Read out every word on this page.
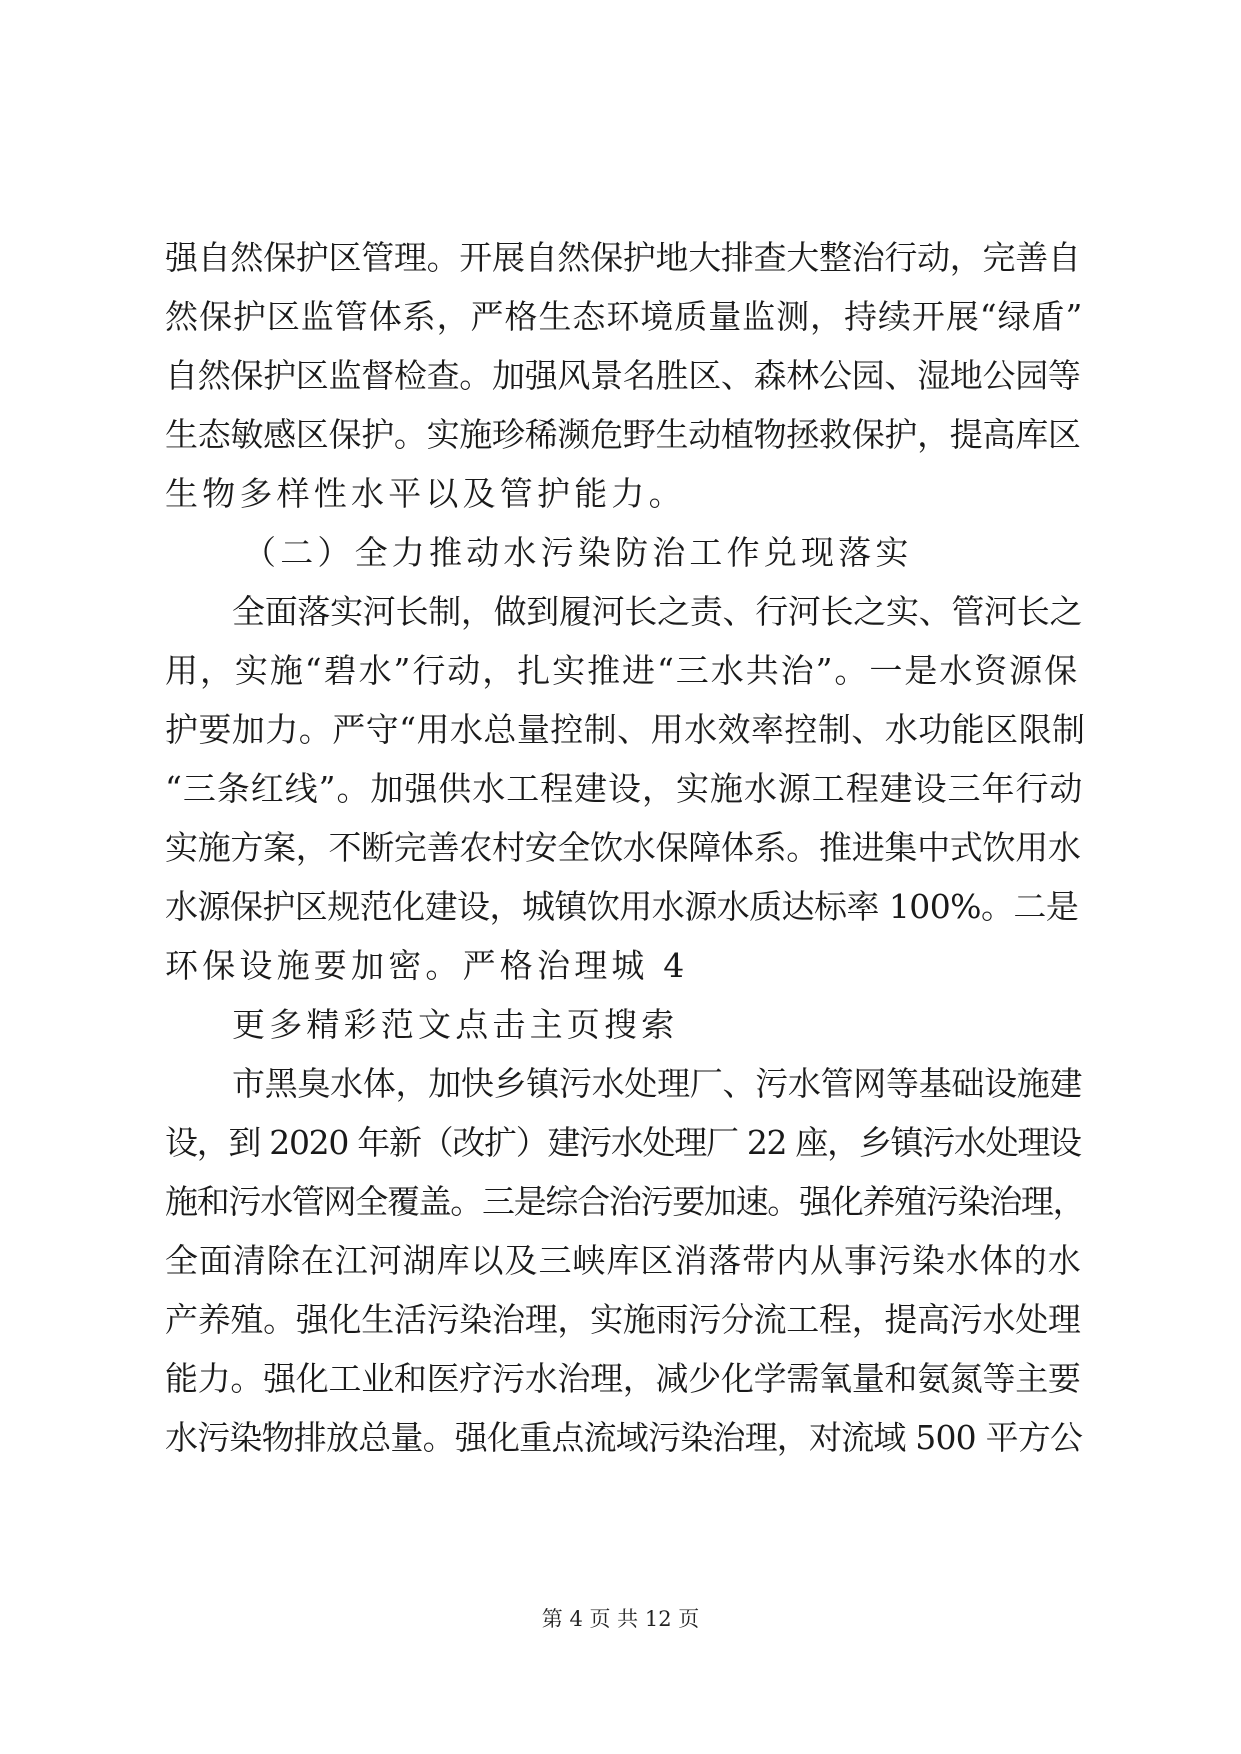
强自然保护区管理。开展自然保护地大排查大整治行动，完善自
然保护区监管体系，严格生态环境质量监测，持续开展“绿盾”
自然保护区监督检查。加强风景名胜区、森林公园、湿地公园等
生态敏感区保护。实施珍稀濒危野生动植物拯救保护，提高库区
生物多样性水平以及管护能力。
（二）全力推动水污染防治工作兑现落实
全面落实河长制，做到履河长之责、行河长之实、管河长之
用，实施“碧水”行动，扎实推进“三水共治”。一是水资源保
护要加力。严守“用水总量控制、用水效率控制、水功能区限制
“三条红线”。加强供水工程建设，实施水源工程建设三年行动
实施方案，不断完善农村安全饮水保障体系。推进集中式饮用水
水源保护区规范化建设，城镇饮用水源水质达标率 100%。二是
环保设施要加密。严格治理城 4
更多精彩范文点击主页搜索
市黑臭水体，加快乡镇污水处理厂、污水管网等基础设施建
设，到 2020 年新（改扩）建污水处理厂 22 座，乡镇污水处理设
施和污水管网全覆盖。三是综合治污要加速。强化养殖污染治理，
全面清除在江河湖库以及三峡库区消落带内从事污染水体的水
产养殖。强化生活污染治理，实施雨污分流工程，提高污水处理
能力。强化工业和医疗污水治理，减少化学需氧量和氨氮等主要
水污染物排放总量。强化重点流域污染治理，对流域 500 平方公
第 4 页 共 12 页
